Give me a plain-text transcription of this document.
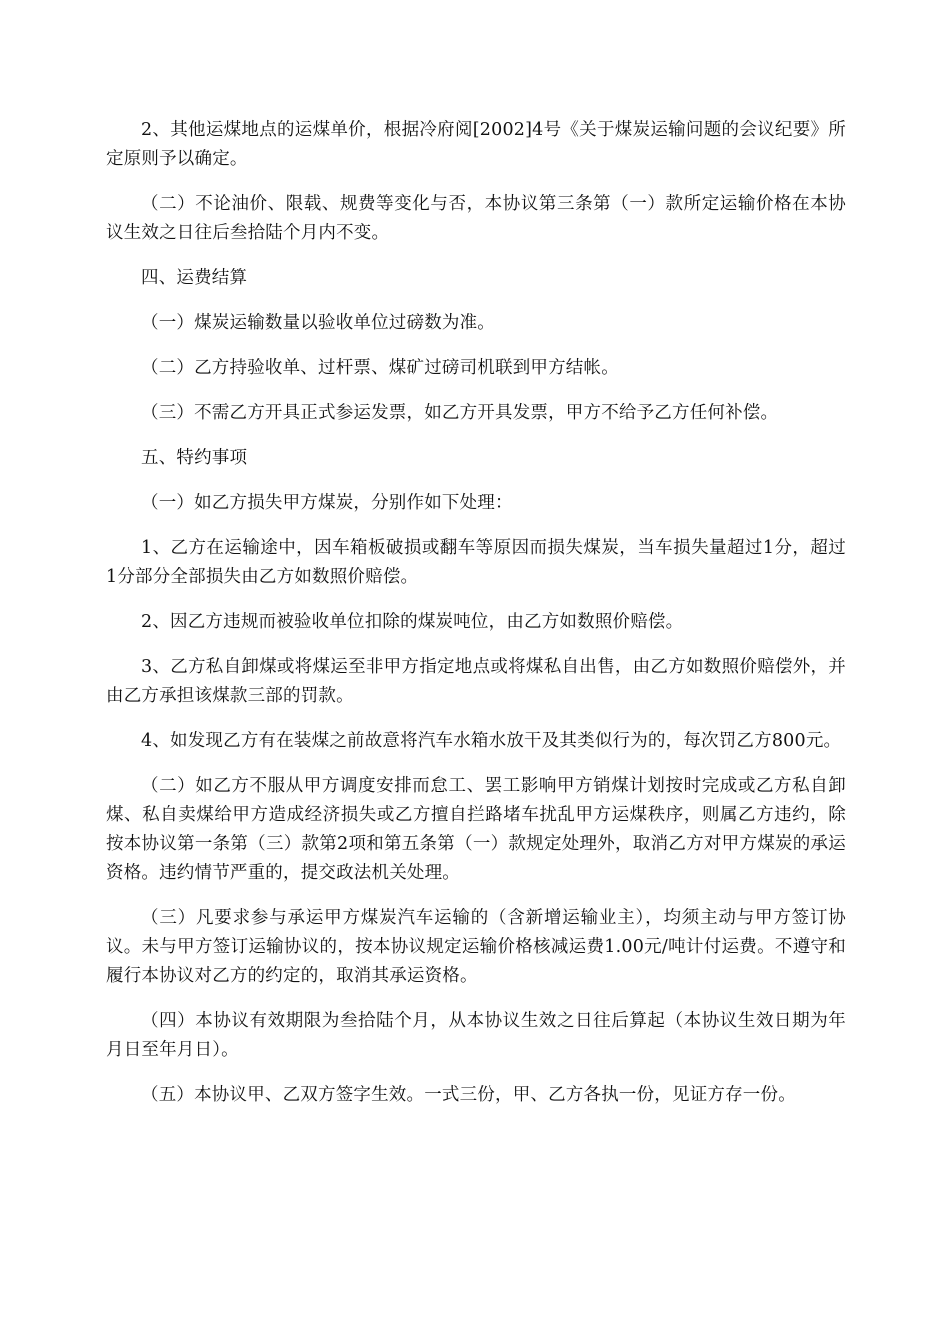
2、其他运煤地点的运煤单价，根据冷府阅[2002]4号《关于煤炭运输问题的会议纪要》所定原则予以确定。

（二）不论油价、限载、规费等变化与否，本协议第三条第（一）款所定运输价格在本协议生效之日往后叁拾陆个月内不变。

四、运费结算

（一）煤炭运输数量以验收单位过磅数为准。

（二）乙方持验收单、过杆票、煤矿过磅司机联到甲方结帐。

（三）不需乙方开具正式参运发票，如乙方开具发票，甲方不给予乙方任何补偿。

五、特约事项

（一）如乙方损失甲方煤炭，分别作如下处理：

1、乙方在运输途中，因车箱板破损或翻车等原因而损失煤炭，当车损失量超过1分，超过1分部分全部损失由乙方如数照价赔偿。

2、因乙方违规而被验收单位扣除的煤炭吨位，由乙方如数照价赔偿。

3、乙方私自卸煤或将煤运至非甲方指定地点或将煤私自出售，由乙方如数照价赔偿外，并由乙方承担该煤款三部的罚款。

4、如发现乙方有在装煤之前故意将汽车水箱水放干及其类似行为的，每次罚乙方800元。

（二）如乙方不服从甲方调度安排而怠工、罢工影响甲方销煤计划按时完成或乙方私自卸煤、私自卖煤给甲方造成经济损失或乙方擅自拦路堵车扰乱甲方运煤秩序，则属乙方违约，除按本协议第一条第（三）款第2项和第五条第（一）款规定处理外，取消乙方对甲方煤炭的承运资格。违约情节严重的，提交政法机关处理。

（三）凡要求参与承运甲方煤炭汽车运输的（含新增运输业主），均须主动与甲方签订协议。未与甲方签订运输协议的，按本协议规定运输价格核减运费1.00元/吨计付运费。不遵守和履行本协议对乙方的约定的，取消其承运资格。

（四）本协议有效期限为叁拾陆个月，从本协议生效之日往后算起（本协议生效日期为年月日至年月日）。

（五）本协议甲、乙双方签字生效。一式三份，甲、乙方各执一份，见证方存一份。
